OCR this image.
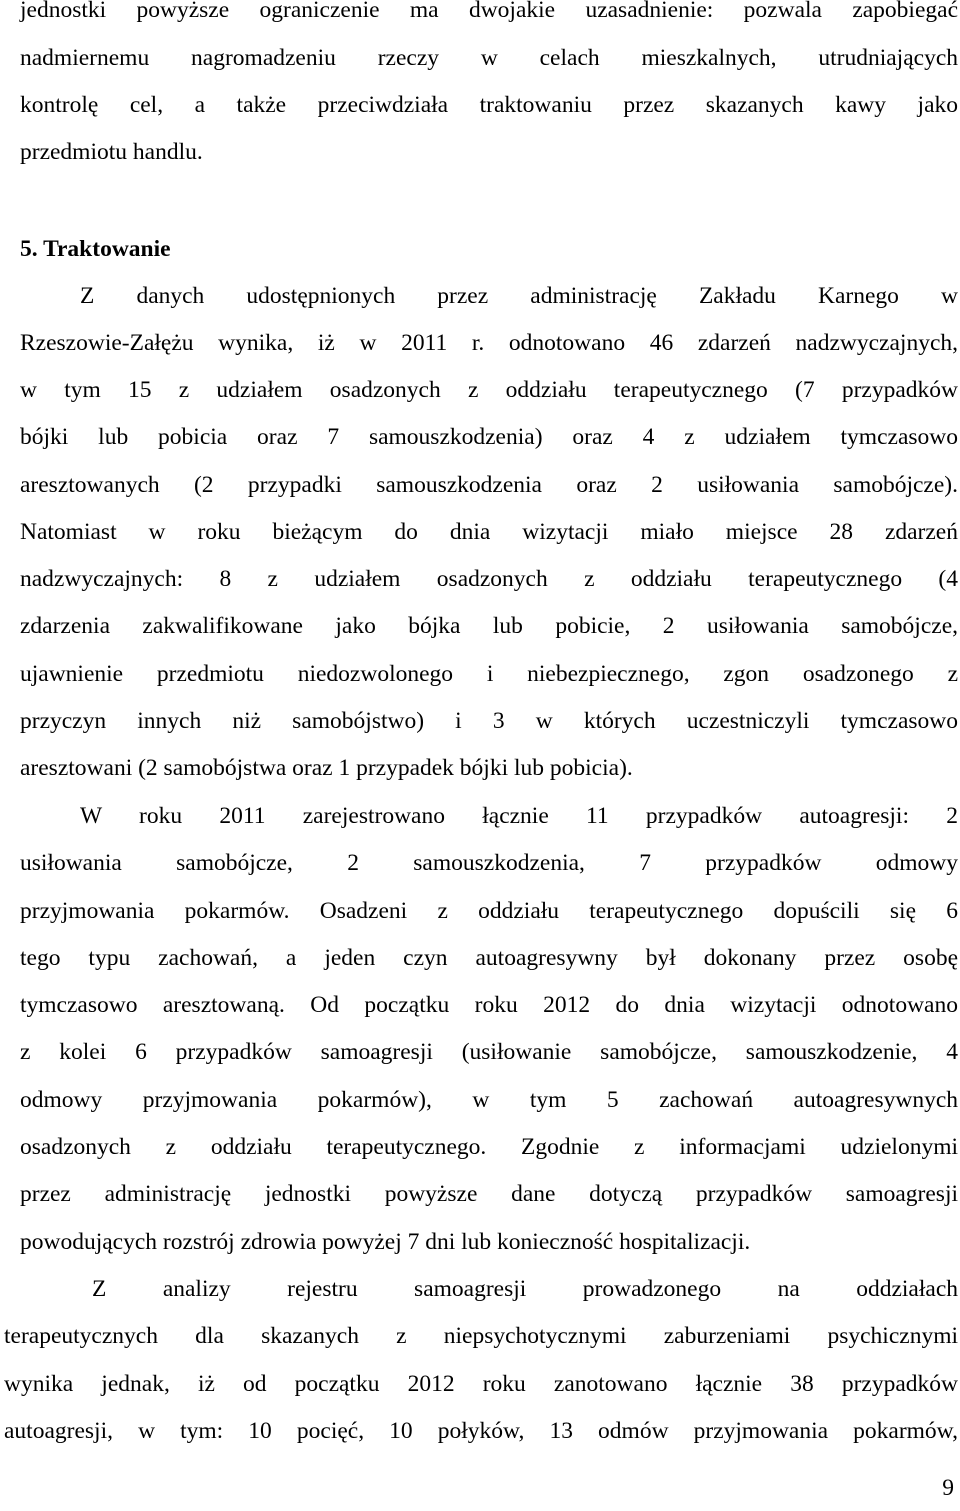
jednostki powyższe ograniczenie ma dwojakie uzasadnienie: pozwala zapobiegać
nadmiernemu nagromadzeniu rzeczy w celach mieszkalnych, utrudniających
kontrolę cel, a także przeciwdziała traktowaniu przez skazanych kawy jako
przedmiotu handlu.
5. Traktowanie
Z danych udostępnionych przez administrację Zakładu Karnego w
Rzeszowie-Załężu wynika, iż w 2011 r. odnotowano 46 zdarzeń nadzwyczajnych,
w tym 15 z udziałem osadzonych z oddziału terapeutycznego (7 przypadków
bójki lub pobicia oraz 7 samouszkodzenia) oraz 4 z udziałem tymczasowo
aresztowanych (2 przypadki samouszkodzenia oraz 2 usiłowania samobójcze).
Natomiast w roku bieżącym do dnia wizytacji miało miejsce 28 zdarzeń
nadzwyczajnych: 8 z udziałem osadzonych z oddziału terapeutycznego (4
zdarzenia zakwalifikowane jako bójka lub pobicie, 2 usiłowania samobójcze,
ujawnienie przedmiotu niedozwolonego i niebezpiecznego, zgon osadzonego z
przyczyn innych niż samobójstwo) i 3 w których uczestniczyli tymczasowo
aresztowani (2 samobójstwa oraz 1 przypadek bójki lub pobicia).
W roku 2011 zarejestrowano łącznie 11 przypadków autoagresji: 2
usiłowania samobójcze, 2 samouszkodzenia, 7 przypadków odmowy
przyjmowania pokarmów. Osadzeni z oddziału terapeutycznego dopuścili się 6
tego typu zachowań, a jeden czyn autoagresywny był dokonany przez osobę
tymczasowo aresztowaną. Od początku roku 2012 do dnia wizytacji odnotowano
z kolei 6 przypadków samoagresji (usiłowanie samobójcze, samouszkodzenie, 4
odmowy przyjmowania pokarmów), w tym 5 zachowań autoagresywnych
osadzonych z oddziału terapeutycznego. Zgodnie z informacjami udzielonymi
przez administrację jednostki powyższe dane dotyczą przypadków samoagresji
powodujących rozstrój zdrowia powyżej 7 dni lub konieczność hospitalizacji.
Z analizy rejestru samoagresji prowadzonego na oddziałach
terapeutycznych dla skazanych z niepsychotycznymi zaburzeniami psychicznymi
wynika jednak, iż od początku 2012 roku zanotowano łącznie 38 przypadków
autoagresji, w tym: 10 pocięć, 10 połyków, 13 odmów przyjmowania pokarmów,
9
